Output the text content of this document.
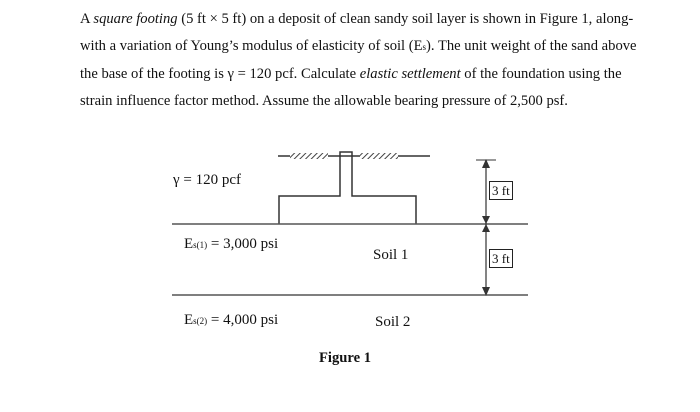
A square footing (5 ft × 5 ft) on a deposit of clean sandy soil layer is shown in Figure 1, along-with a variation of Young’s modulus of elasticity of soil (Es). The unit weight of the sand above the base of the footing is γ = 120 pcf. Calculate elastic settlement of the foundation using the strain influence factor method. Assume the allowable bearing pressure of 2,500 psf.

γ = 120 pcf
Es(1) = 3,000 psi
Soil 1
Es(2) = 4,000 psi	Soil 2
3 ft
3 ft
Figure 1
